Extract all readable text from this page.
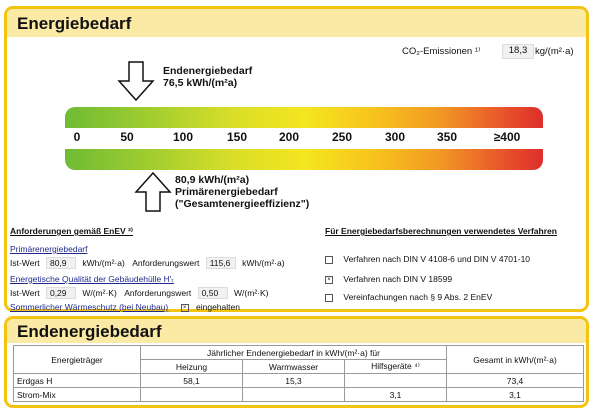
Energiebedarf
CO₂-Emissionen ¹⁾	18,3 kg/(m²·a)
Endenergiebedarf
76,5 kWh/(m²a)
0	50	100	150	200	250	300	350	≥400
80,9 kWh/(m²a)
Primärenergiebedarf
("Gesamtenergieeffizienz")
Anforderungen gemäß EnEV ²⁾
Primärenergiebedarf
Ist-Wert 80,9 kWh/(m²·a) Anforderungswert 115,6 kWh/(m²·a)
Energetische Qualität der Gebäudehülle H'ₜ
Ist-Wert 0,29 W/(m²·K) Anforderungswert 0,50 W/(m²·K)
Sommerlicher Wärmeschutz (bei Neubau) × eingehalten
Für Energiebedarfsberechnungen verwendetes Verfahren
Verfahren nach DIN V 4108-6 und DIN V 4701-10
× Verfahren nach DIN V 18599
Vereinfachungen nach § 9 Abs. 2 EnEV
Endenergiebedarf
Energieträger	Jährlicher Endenergiebedarf in kWh/(m²·a) für			Gesamt in kWh/(m²·a)
	Heizung	Warmwasser	Hilfsgeräte ⁴⁾	
Erdgas H	58,1	15,3		73,4
Strom-Mix			3,1	3,1
